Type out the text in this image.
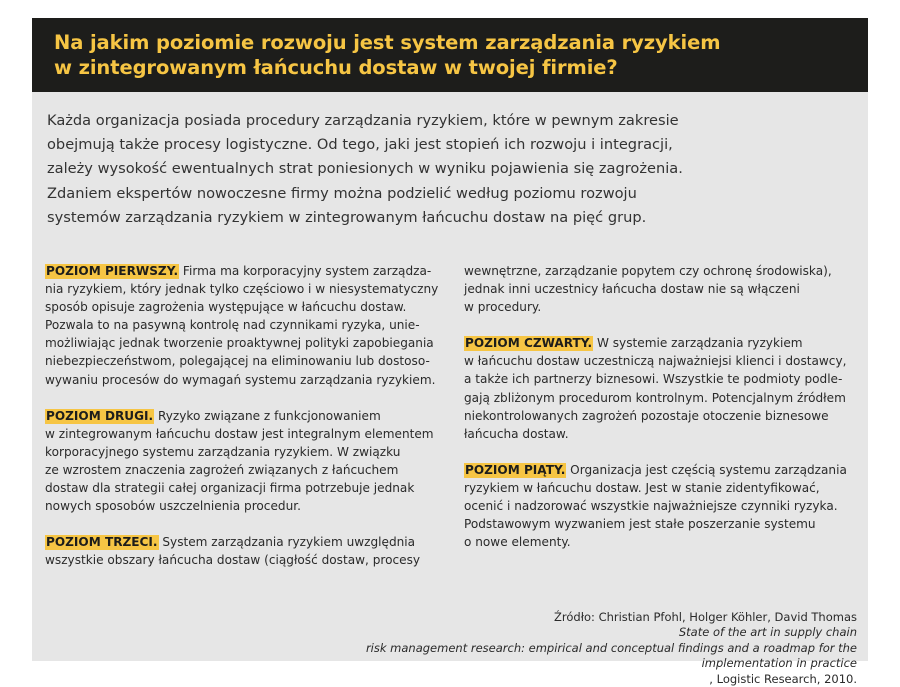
Na jakim poziomie rozwoju jest system zarządzania ryzykiem
w zintegrowanym łańcuchu dostaw w twojej firmie?

Każda organizacja posiada procedury zarządzania ryzykiem, które w pewnym zakresie
obejmują także procesy logistyczne. Od tego, jaki jest stopień ich rozwoju i integracji,
zależy wysokość ewentualnych strat poniesionych w wyniku pojawienia się zagrożenia.
Zdaniem ekspertów nowoczesne firmy można podzielić według poziomu rozwoju
systemów zarządzania ryzykiem w zintegrowanym łańcuchu dostaw na pięć grup.

POZIOM PIERWSZY. Firma ma korporacyjny system zarządza-
nia ryzykiem, który jednak tylko częściowo i w niesystematyczny
sposób opisuje zagrożenia występujące w łańcuchu dostaw.
Pozwala to na pasywną kontrolę nad czynnikami ryzyka, unie-
możliwiając jednak tworzenie proaktywnej polityki zapobiegania
niebezpieczeństwom, polegającej na eliminowaniu lub dostoso-
wywaniu procesów do wymagań systemu zarządzania ryzykiem.
POZIOM DRUGI. Ryzyko związane z funkcjonowaniem
w zintegrowanym łańcuchu dostaw jest integralnym elementem
korporacyjnego systemu zarządzania ryzykiem. W związku
ze wzrostem znaczenia zagrożeń związanych z łańcuchem
dostaw dla strategii całej organizacji firma potrzebuje jednak
nowych sposobów uszczelnienia procedur.
POZIOM TRZECI. System zarządzania ryzykiem uwzględnia
wszystkie obszary łańcucha dostaw (ciągłość dostaw, procesy
wewnętrzne, zarządzanie popytem czy ochronę środowiska),
jednak inni uczestnicy łańcucha dostaw nie są włączeni
w procedury.
POZIOM CZWARTY. W systemie zarządzania ryzykiem
w łańcuchu dostaw uczestniczą najważniejsi klienci i dostawcy,
a także ich partnerzy biznesowi. Wszystkie te podmioty podle-
gają zbliżonym procedurom kontrolnym. Potencjalnym źródłem
niekontrolowanych zagrożeń pozostaje otoczenie biznesowe
łańcucha dostaw.
POZIOM PIĄTY. Organizacja jest częścią systemu zarządzania
ryzykiem w łańcuchu dostaw. Jest w stanie zidentyfikować,
ocenić i nadzorować wszystkie najważniejsze czynniki ryzyka.
Podstawowym wyzwaniem jest stałe poszerzanie systemu
o nowe elementy.

Źródło: Christian Pfohl, Holger Köhler, David Thomas
State of the art in supply chain
risk management research: empirical and conceptual findings and a roadmap for the
implementation in practice
, Logistic Research, 2010.
